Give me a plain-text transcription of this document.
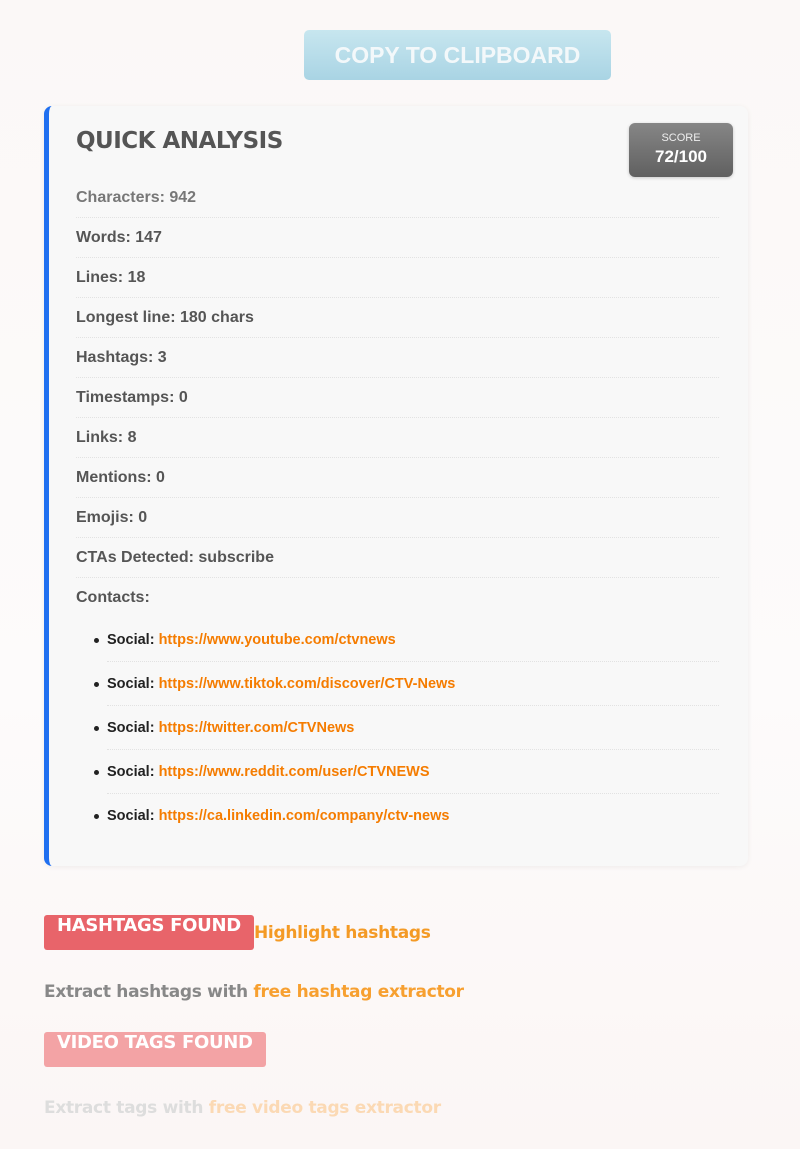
COPY TO CLIPBOARD
QUICK ANALYSIS	SCORE
72/100
Characters: 942
Words: 147
Lines: 18
Longest line: 180 chars
Hashtags: 3
Timestamps: 0
Links: 8
Mentions: 0
Emojis: 0
CTAs Detected: subscribe
Contacts:
Social: https://www.youtube.com/ctvnews
Social: https://www.tiktok.com/discover/CTV-News
Social: https://twitter.com/CTVNews
Social: https://www.reddit.com/user/CTVNEWS
Social: https://ca.linkedin.com/company/ctv-news
HASHTAGS FOUND Highlight hashtags
Extract hashtags with free hashtag extractor
VIDEO TAGS FOUND
Extract tags with free video tags extractor
